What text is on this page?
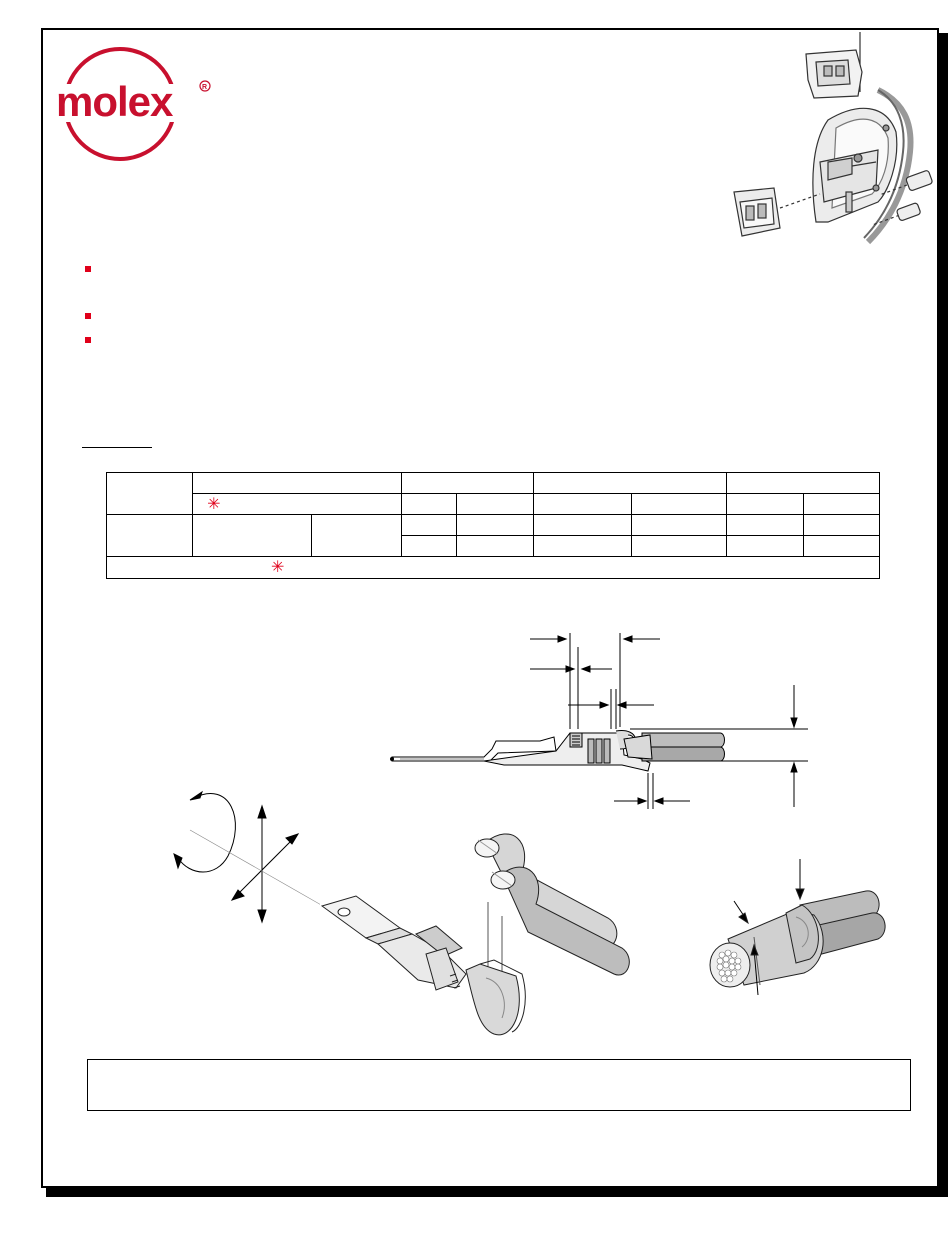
molex	R

	✳							

✳								
